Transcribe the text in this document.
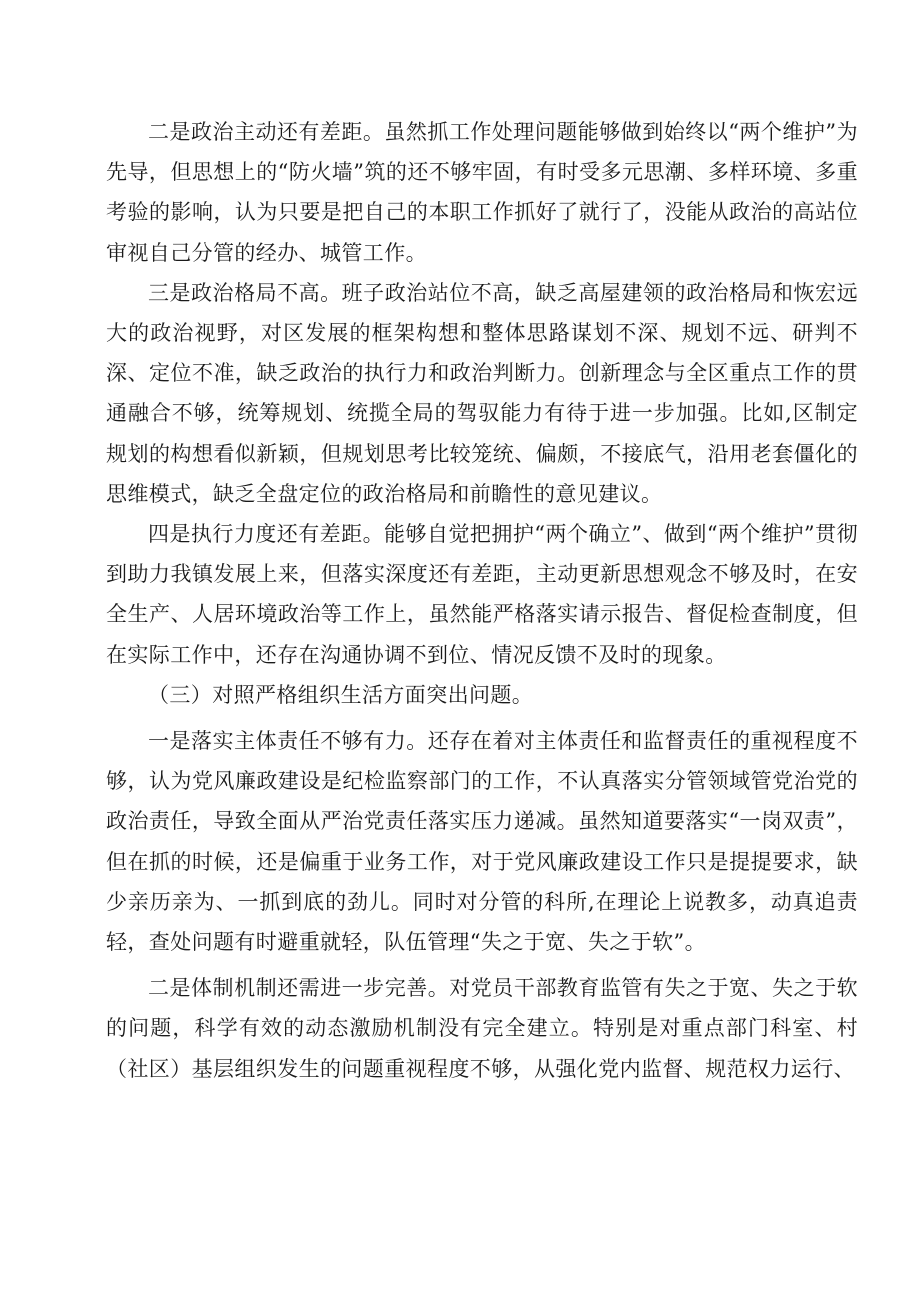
二是政治主动还有差距。虽然抓工作处理问题能够做到始终以“两个维护”为先导，但思想上的“防火墙”筑的还不够牢固，有时受多元思潮、多样环境、多重考验的影响，认为只要是把自己的本职工作抓好了就行了，没能从政治的高站位审视自己分管的经办、城管工作。

三是政治格局不高。班子政治站位不高，缺乏高屋建领的政治格局和恢宏远大的政治视野，对区发展的框架构想和整体思路谋划不深、规划不远、研判不深、定位不准，缺乏政治的执行力和政治判断力。创新理念与全区重点工作的贯通融合不够，统筹规划、统揽全局的驾驭能力有待于进一步加强。比如,区制定规划的构想看似新颖，但规划思考比较笼统、偏颇，不接底气，沿用老套僵化的思维模式，缺乏全盘定位的政治格局和前瞻性的意见建议。

四是执行力度还有差距。能够自觉把拥护“两个确立”、做到“两个维护”贯彻到助力我镇发展上来，但落实深度还有差距，主动更新思想观念不够及时，在安全生产、人居环境政治等工作上，虽然能严格落实请示报告、督促检查制度，但在实际工作中，还存在沟通协调不到位、情况反馈不及时的现象。

（三）对照严格组织生活方面突出问题。

一是落实主体责任不够有力。还存在着对主体责任和监督责任的重视程度不够，认为党风廉政建设是纪检监察部门的工作，不认真落实分管领域管党治党的政治责任，导致全面从严治党责任落实压力递减。虽然知道要落实“一岗双责”，但在抓的时候，还是偏重于业务工作，对于党风廉政建设工作只是提提要求，缺少亲历亲为、一抓到底的劲儿。同时对分管的科所,在理论上说教多，动真追责轻，查处问题有时避重就轻，队伍管理“失之于宽、失之于软”。

二是体制机制还需进一步完善。对党员干部教育监管有失之于宽、失之于软的问题，科学有效的动态激励机制没有完全建立。特别是对重点部门科室、村（社区）基层组织发生的问题重视程度不够，从强化党内监督、规范权力运行、
